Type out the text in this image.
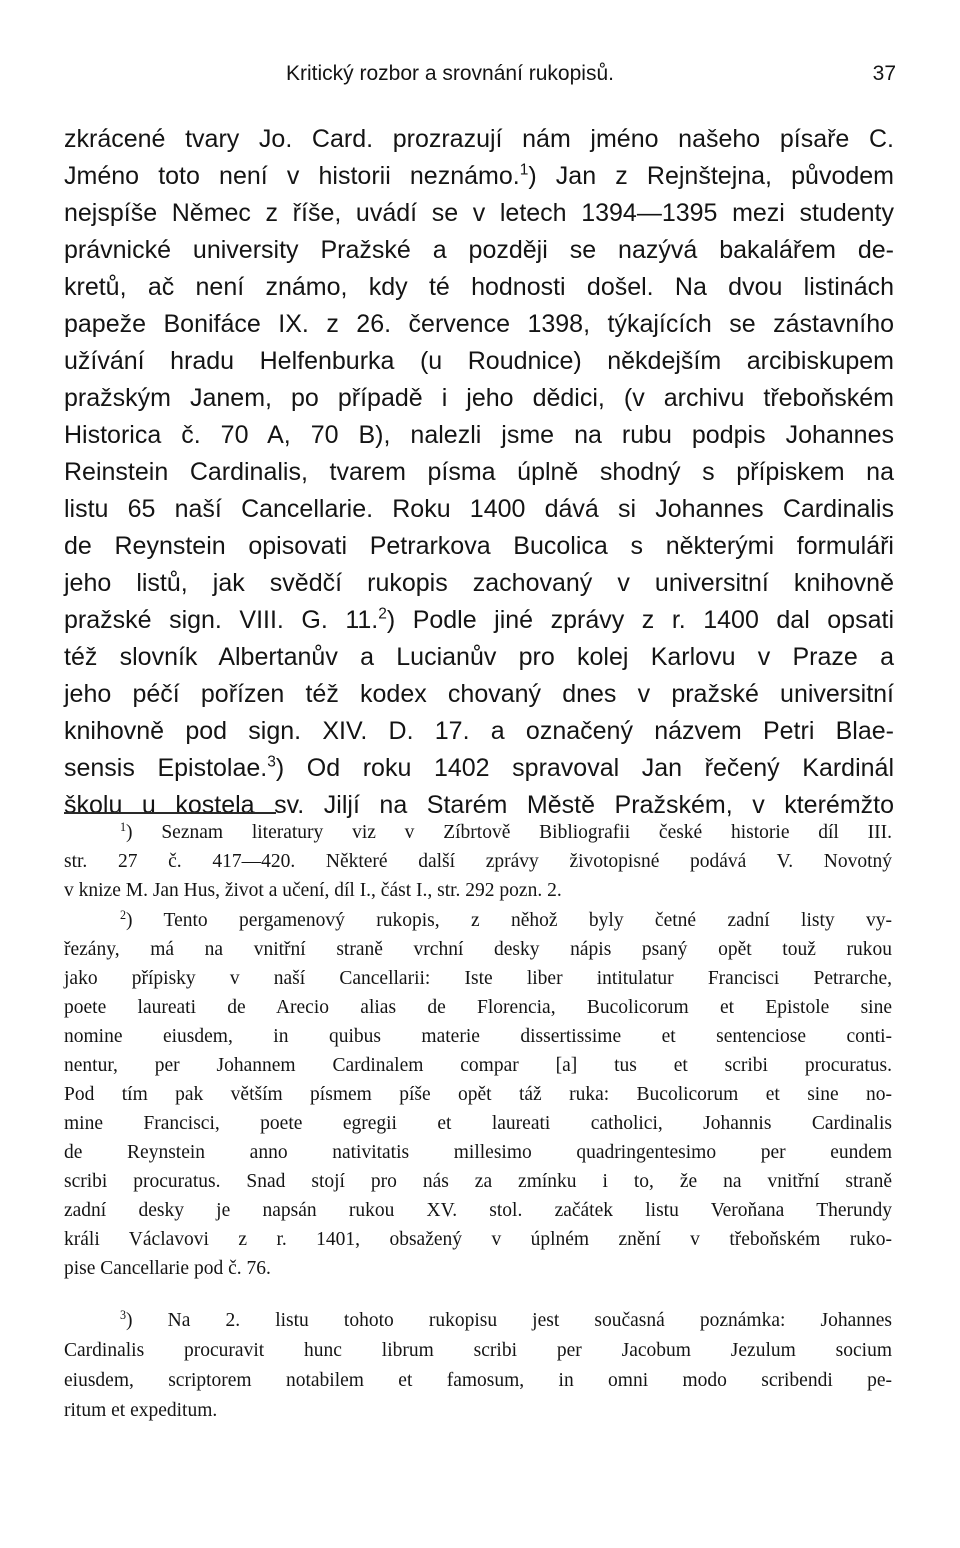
Kritický rozbor a srovnání rukopisů.	37
zkrácené tvary Jo. Card. prozrazují nám jméno našeho písaře C.
Jméno toto není v historii neznámo.$^1$) Jan z Rejnštejna, původem
nejspíše Němec z říše, uvádí se v letech 1394—1395 mezi studenty
právnické university Pražské a později se nazývá bakalářem de-
kretů, ač není známo, kdy té hodnosti došel. Na dvou listinách
papeže Bonifáce IX. z 26. července 1398, týkajících se zástavního
užívání hradu Helfenburka (u Roudnice) někdejším arcibiskupem
pražským Janem, po případě i jeho dědici, (v archivu třeboňském
Historica č. 70 A, 70 B), nalezli jsme na rubu podpis Johannes
Reinstein Cardinalis, tvarem písma úplně shodný s přípiskem na
listu 65 naší Cancellarie. Roku 1400 dává si Johannes Cardinalis
de Reynstein opisovati Petrarkova Bucolica s některými formuláři
jeho listů, jak svědčí rukopis zachovaný v universitní knihovně
pražské sign. VIII. G. 11.$^2$) Podle jiné zprávy z r. 1400 dal opsati
též slovník Albertanův a Lucianův pro kolej Karlovu v Praze a
jeho péčí pořízen též kodex chovaný dnes v pražské universitní
knihovně pod sign. XIV. D. 17. a označený názvem Petri Blae-
sensis Epistolae.$^3$) Od roku 1402 spravoval Jan řečený Kardinál
školu u kostela sv. Jiljí na Starém Městě Pražském, v kterémžto
$^1$) Seznam literatury viz v Zíbrtově Bibliografii české historie díl III.
str. 27 č. 417—420. Některé další zprávy životopisné podává V. Novotný
v knize M. Jan Hus, život a učení, díl I., část I., str. 292 pozn. 2.
$^2$) Tento pergamenový rukopis, z něhož byly četné zadní listy vy-
řezány, má na vnitřní straně vrchní desky nápis psaný opět touž rukou
jako přípisky v naší Cancellarii: Iste liber intitulatur Francisci Petrarche,
poete laureati de Arecio alias de Florencia, Bucolicorum et Epistole sine
nomine eiusdem, in quibus materie dissertissime et sentenciose conti-
nentur, per Johannem Cardinalem compar [a] tus et scribi procuratus.
Pod tím pak větším písmem píše opět táž ruka: Bucolicorum et sine no-
mine Francisci, poete egregii et laureati catholici, Johannis Cardinalis
de Reynstein anno nativitatis millesimo quadringentesimo per eundem
scribi procuratus. Snad stojí pro nás za zmínku i to, že na vnitřní straně
zadní desky je napsán rukou XV. stol. začátek listu Veroňana Therundy
králi Václavovi z r. 1401, obsažený v úplném znění v třeboňském ruko-
pise Cancellarie pod č. 76.
$^3$) Na 2. listu tohoto rukopisu jest současná poznámka: Johannes
Cardinalis procuravit hunc librum scribi per Jacobum Jezulum socium
eiusdem, scriptorem notabilem et famosum, in omni modo scribendi pe-
ritum et expeditum.
